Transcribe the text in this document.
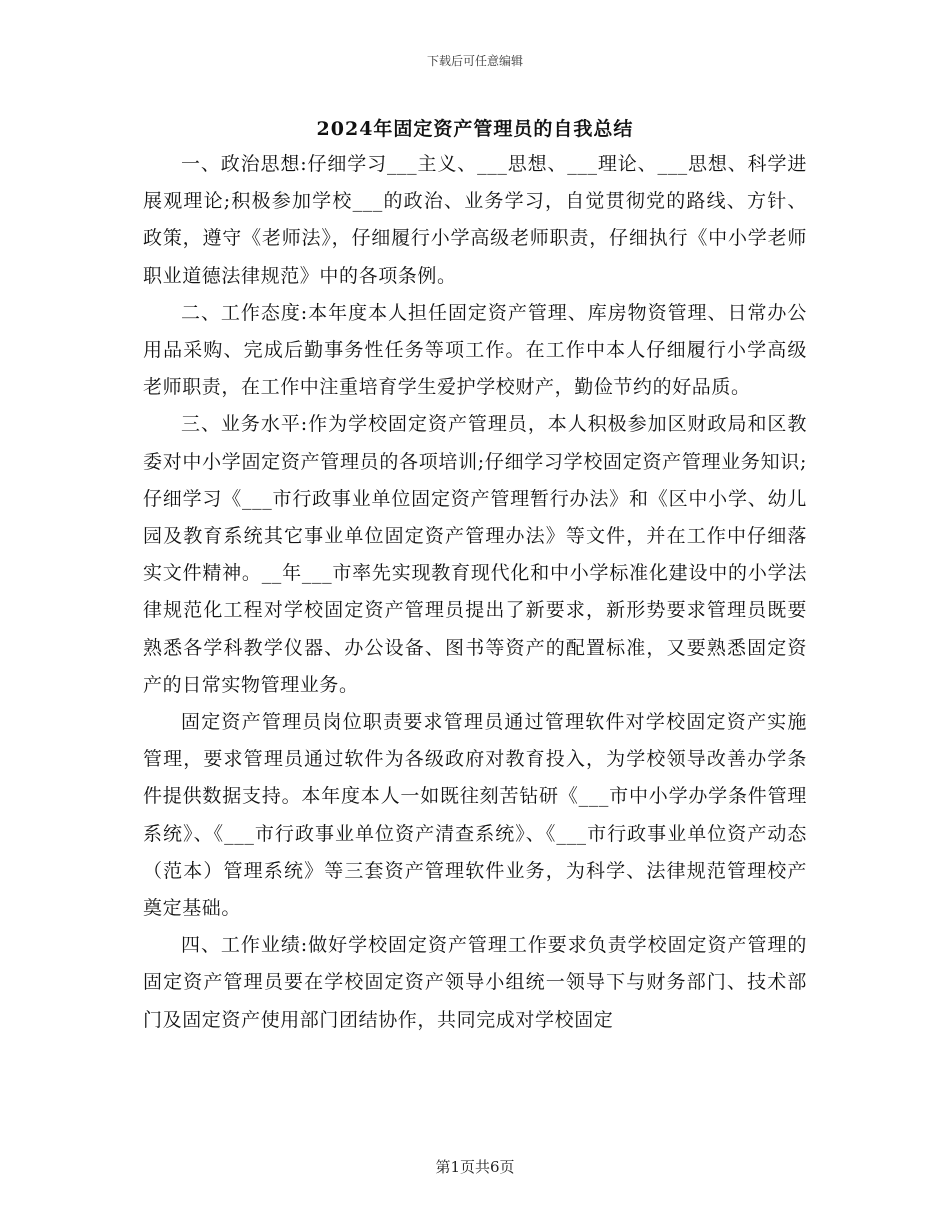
下载后可任意编辑
2024年固定资产管理员的自我总结

一、政治思想:仔细学习___主义、___思想、___理论、___思想、科学进展观理论;积极参加学校___的政治、业务学习，自觉贯彻党的路线、方针、政策，遵守《老师法》，仔细履行小学高级老师职责，仔细执行《中小学老师职业道德法律规范》中的各项条例。

二、工作态度:本年度本人担任固定资产管理、库房物资管理、日常办公用品采购、完成后勤事务性任务等项工作。在工作中本人仔细履行小学高级老师职责，在工作中注重培育学生爱护学校财产，勤俭节约的好品质。

三、业务水平:作为学校固定资产管理员，本人积极参加区财政局和区教委对中小学固定资产管理员的各项培训;仔细学习学校固定资产管理业务知识;仔细学习《___市行政事业单位固定资产管理暂行办法》和《区中小学、幼儿园及教育系统其它事业单位固定资产管理办法》等文件，并在工作中仔细落实文件精神。__年___市率先实现教育现代化和中小学标准化建设中的小学法律规范化工程对学校固定资产管理员提出了新要求，新形势要求管理员既要熟悉各学科教学仪器、办公设备、图书等资产的配置标准，又要熟悉固定资产的日常实物管理业务。

固定资产管理员岗位职责要求管理员通过管理软件对学校固定资产实施管理，要求管理员通过软件为各级政府对教育投入，为学校领导改善办学条件提供数据支持。本年度本人一如既往刻苦钻研《___市中小学办学条件管理系统》、《___市行政事业单位资产清查系统》、《___市行政事业单位资产动态（范本）管理系统》等三套资产管理软件业务，为科学、法律规范管理校产奠定基础。

四、工作业绩:做好学校固定资产管理工作要求负责学校固定资产管理的固定资产管理员要在学校固定资产领导小组统一领导下与财务部门、技术部门及固定资产使用部门团结协作，共同完成对学校固定

第1页共6页
